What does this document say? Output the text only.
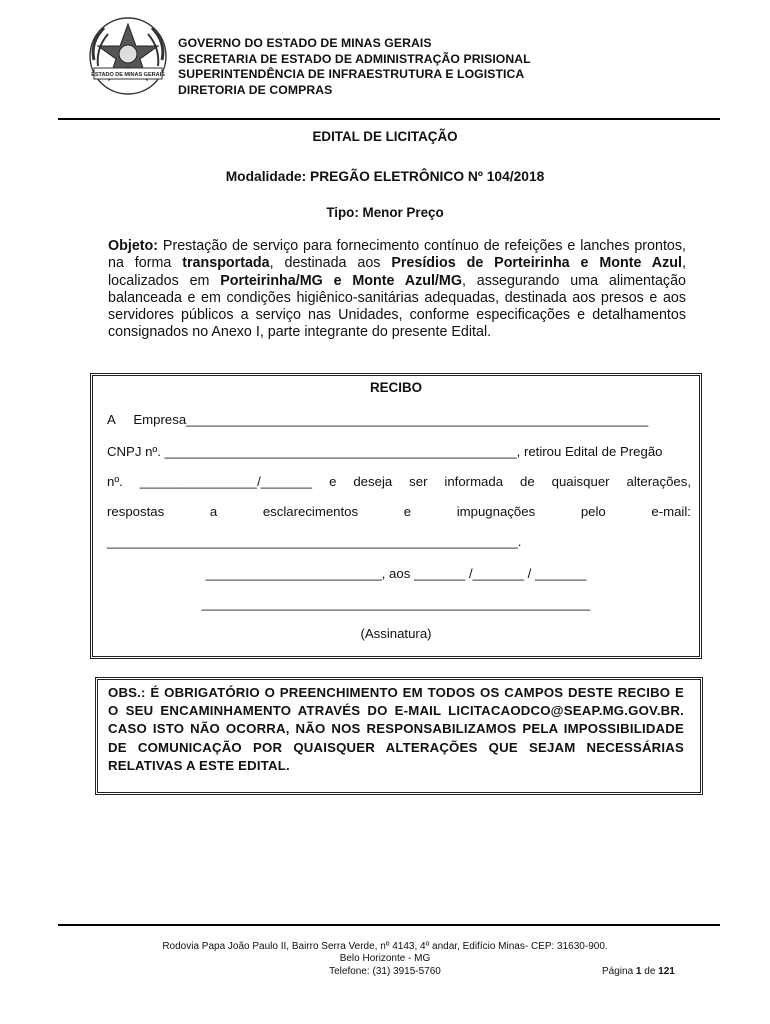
ESTADO DE MINAS GERAIS
GOVERNO DO ESTADO DE MINAS GERAIS
SECRETARIA DE ESTADO DE ADMINISTRAÇÃO PRISIONAL
SUPERINTENDÊNCIA DE INFRAESTRUTURA E LOGISTICA
DIRETORIA DE COMPRAS
EDITAL DE LICITAÇÃO
Modalidade: PREGÃO ELETRÔNICO Nº 104/2018
Tipo: Menor Preço
Objeto: Prestação de serviço para fornecimento contínuo de refeições e lanches prontos, na forma transportada, destinada aos Presídios de Porteirinha e Monte Azul, localizados em Porteirinha/MG e Monte Azul/MG, assegurando uma alimentação balanceada e em condições higiênico-sanitárias adequadas, destinada aos presos e aos servidores públicos a serviço nas Unidades, conforme especificações e detalhamentos consignados no Anexo I, parte integrante do presente Edital.
RECIBO
A     Empresa_______________________________________________________________
CNPJ nº. ________________________________________________, retirou Edital de Pregão
nº. ________________/_______ e deseja ser informada de quaisquer alterações,
respostas	a	esclarecimentos	e	impugnações	pelo	e-mail:
________________________________________________________.
________________________, aos _______ /_______ / _______
_____________________________________________________
(Assinatura)
OBS.: É OBRIGATÓRIO O PREENCHIMENTO EM TODOS OS CAMPOS DESTE RECIBO E O SEU ENCAMINHAMENTO ATRAVÉS DO E-MAIL LICITACAODCO@SEAP.MG.GOV.BR. CASO ISTO NÃO OCORRA, NÃO NOS RESPONSABILIZAMOS PELA IMPOSSIBILIDADE DE COMUNICAÇÃO POR QUAISQUER ALTERAÇÕES QUE SEJAM NECESSÁRIAS RELATIVAS A ESTE EDITAL.
Rodovia Papa João Paulo II, Bairro Serra Verde, nº 4143, 4º andar, Edifício Minas- CEP: 31630-900.
Belo Horizonte - MG
Telefone: (31) 3915-5760	Página 1 de 121
